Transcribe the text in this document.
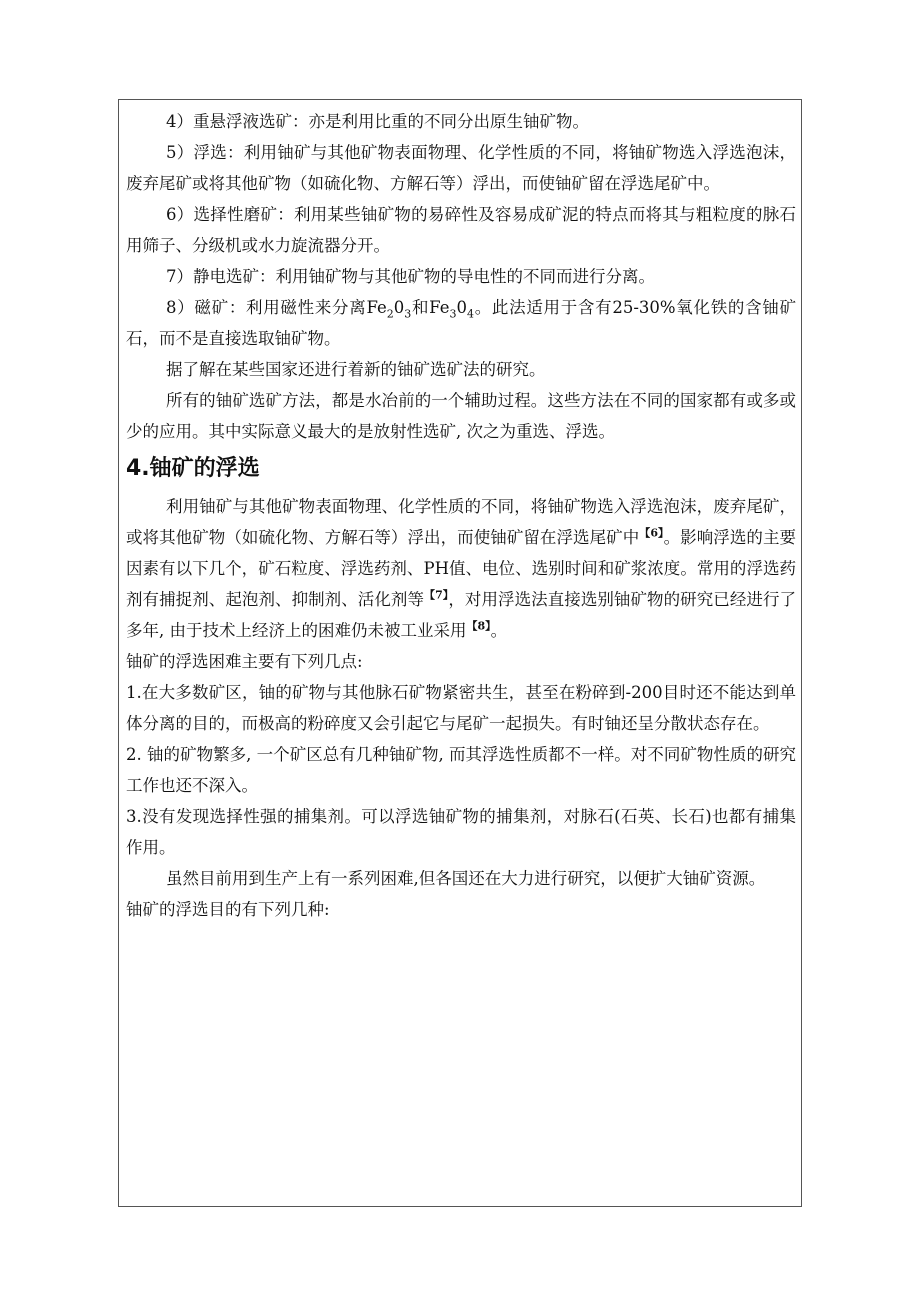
4）重悬浮液选矿：亦是利用比重的不同分出原生铀矿物。

5）浮选：利用铀矿与其他矿物表面物理、化学性质的不同，将铀矿物选入浮选泡沫，废弃尾矿或将其他矿物（如硫化物、方解石等）浮出，而使铀矿留在浮选尾矿中。

6）选择性磨矿：利用某些铀矿物的易碎性及容易成矿泥的特点而将其与粗粒度的脉石用筛子、分级机或水力旋流器分开。

7）静电选矿：利用铀矿物与其他矿物的导电性的不同而进行分离。

8）磁矿：利用磁性来分离$Fe_20_3$和$Fe_30_4$。此法适用于含有25-30%氧化铁的含铀矿石，而不是直接选取铀矿物。

据了解在某些国家还进行着新的铀矿选矿法的研究。

所有的铀矿选矿方法，都是水冶前的一个辅助过程。这些方法在不同的国家都有或多或少的应用。其中实际意义最大的是放射性选矿, 次之为重选、浮选。

4.铀矿的浮选

利用铀矿与其他矿物表面物理、化学性质的不同，将铀矿物选入浮选泡沫，废弃尾矿，或将其他矿物（如硫化物、方解石等）浮出，而使铀矿留在浮选尾矿中$^{【6】}$。影响浮选的主要因素有以下几个，矿石粒度、浮选药剂、PH值、电位、选别时间和矿浆浓度。常用的浮选药剂有捕捉剂、起泡剂、抑制剂、活化剂等$^{【7】}$，对用浮选法直接选别铀矿物的研究已经进行了多年, 由于技术上经济上的困难仍未被工业采用$^{【8】}$。

铀矿的浮选困难主要有下列几点:

1.在大多数矿区，铀的矿物与其他脉石矿物紧密共生，甚至在粉碎到-200目时还不能达到单体分离的目的，而极高的粉碎度又会引起它与尾矿一起损失。有时铀还呈分散状态存在。

2. 铀的矿物繁多, 一个矿区总有几种铀矿物, 而其浮选性质都不一样。对不同矿物性质的研究工作也还不深入。

3.没有发现选择性强的捕集剂。可以浮选铀矿物的捕集剂，对脉石(石英、长石)也都有捕集作用。

虽然目前用到生产上有一系列困难,但各国还在大力进行研究，以便扩大铀矿资源。

铀矿的浮选目的有下列几种:
